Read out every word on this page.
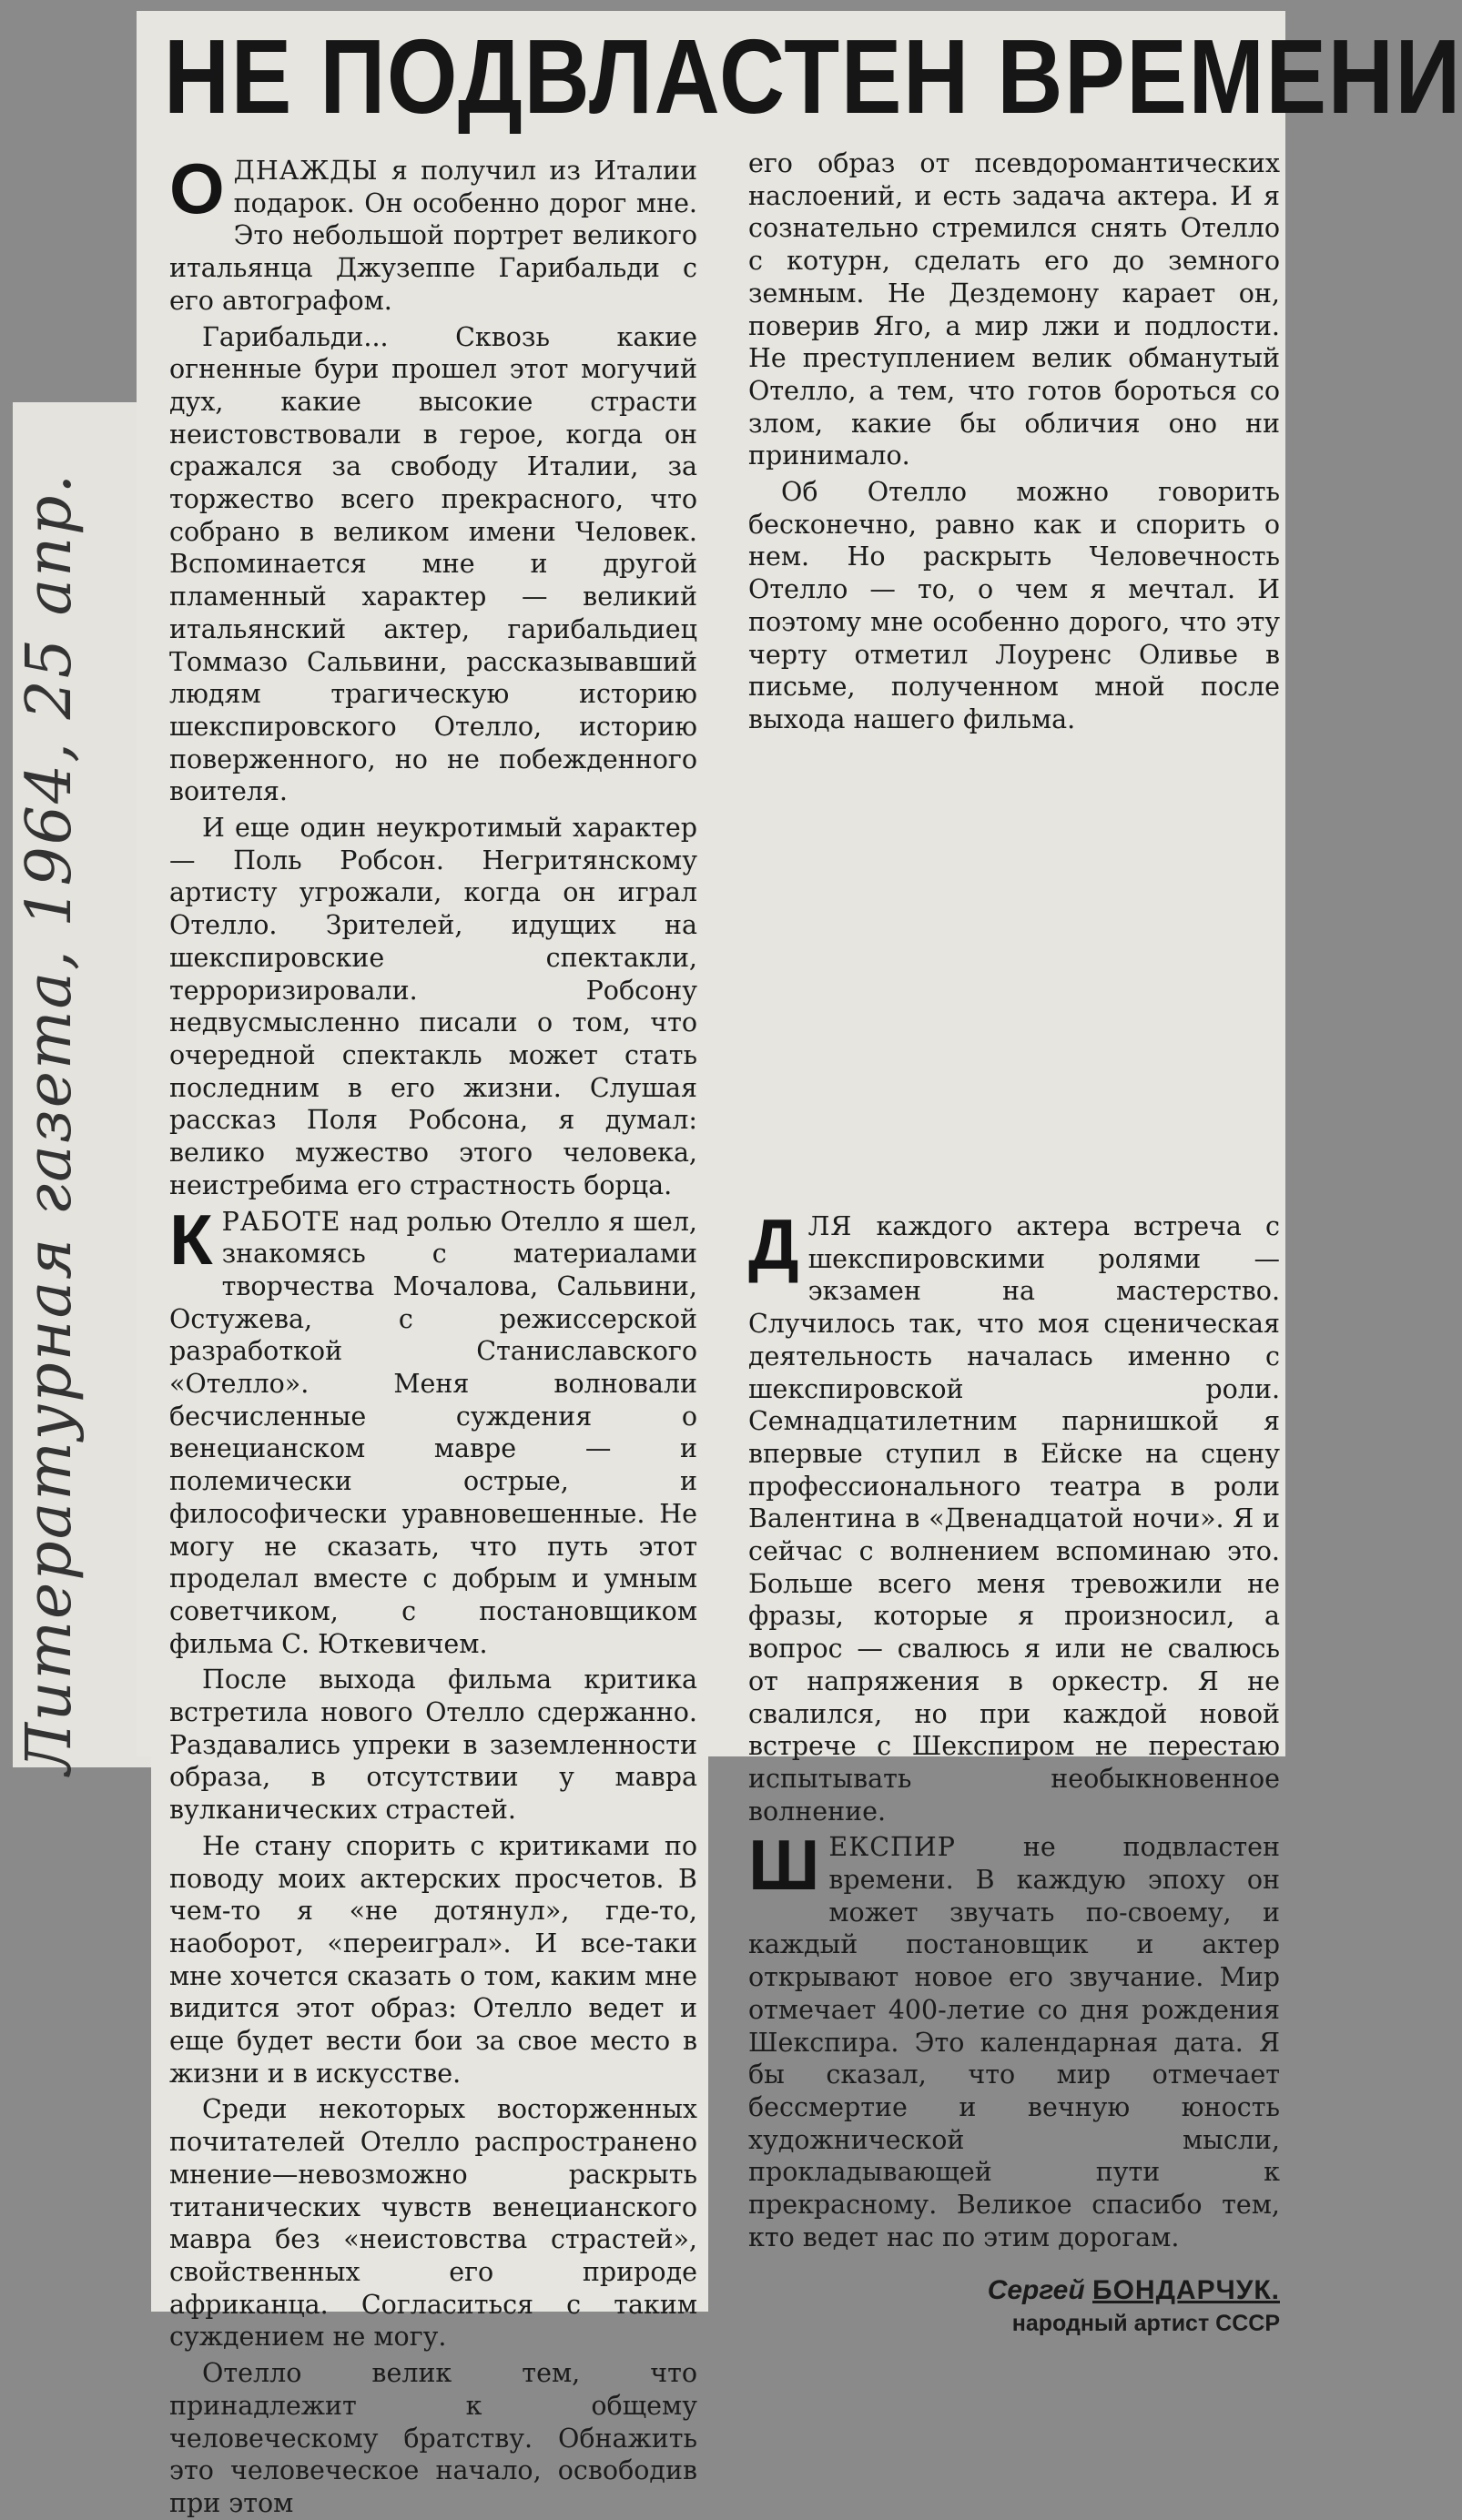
Литературная газета, 1964, 25 апр.
НЕ ПОДВЛАСТЕН ВРЕМЕНИ

ОДНАЖДЫ я получил из Италии подарок. Он особенно дорог мне. Это небольшой портрет великого итальянца Джузеппе Гарибальди с его автографом.

Гарибальди... Сквозь какие огненные бури прошел этот могучий дух, какие высокие страсти неистовствовали в герое, когда он сражался за свободу Италии, за торжество всего прекрасного, что собрано в великом имени Человек. Вспоминается мне и другой пламенный характер — великий итальянский актер, гарибальдиец Томмазо Сальвини, рассказывавший людям трагическую историю шекспировского Отелло, историю поверженного, но не побежденного воителя.

И еще один неукротимый характер — Поль Робсон. Негритянскому артисту угрожали, когда он играл Отелло. Зрителей, идущих на шекспировские спектакли, терроризировали. Робсону недвусмысленно писали о том, что очередной спектакль может стать последним в его жизни. Слушая рассказ Поля Робсона, я думал: велико мужество этого человека, неистребима его страстность борца.

КРАБОТЕ над ролью Отелло я шел, знакомясь с материалами творчества Мочалова, Сальвини, Остужева, с режиссерской разработкой Станиславского «Отелло». Меня волновали бесчисленные суждения о венецианском мавре — и полемически острые, и философически уравновешенные. Не могу не сказать, что путь этот проделал вместе с добрым и умным советчиком, с постановщиком фильма С. Юткевичем.

После выхода фильма критика встретила нового Отелло сдержанно. Раздавались упреки в заземленности образа, в отсутствии у мавра вулканических страстей.

Не стану спорить с критиками по поводу моих актерских просчетов. В чем-то я «не дотянул», где-то, наоборот, «переиграл». И все-таки мне хочется сказать о том, каким мне видится этот образ: Отелло ведет и еще будет вести бои за свое место в жизни и в искусстве.

Среди некоторых восторженных почитателей Отелло распространено мнение—невозможно раскрыть титанических чувств венецианского мавра без «неистовства страстей», свойственных его природе африканца. Согласиться с таким суждением не могу.

Отелло велик тем, что принадлежит к общему человеческому братству. Обнажить это человеческое начало, освободив при этом

его образ от псевдоромантических наслоений, и есть задача актера. И я сознательно стремился снять Отелло с котурн, сделать его до земного земным. Не Дездемону карает он, поверив Яго, а мир лжи и подлости. Не преступлением велик обманутый Отелло, а тем, что готов бороться со злом, какие бы обличия оно ни принимало.

Об Отелло можно говорить бесконечно, равно как и спорить о нем. Но раскрыть Человечность Отелло — то, о чем я мечтал. И поэтому мне особенно дорого, что эту черту отметил Лоуренс Оливье в письме, полученном мной после выхода нашего фильма.

ДЛЯ каждого актера встреча с шекспировскими ролями — экзамен на мастерство. Случилось так, что моя сценическая деятельность началась именно с шекспировской роли. Семнадцатилетним парнишкой я впервые ступил в Ейске на сцену профессионального театра в роли Валентина в «Двенадцатой ночи». Я и сейчас с волнением вспоминаю это. Больше всего меня тревожили не фразы, которые я произносил, а вопрос — свалюсь я или не свалюсь от напряжения в оркестр. Я не свалился, но при каждой новой встрече с Шекспиром не перестаю испытывать необыкновенное волнение.

ШЕКСПИР не подвластен времени. В каждую эпоху он может звучать по-своему, и каждый постановщик и актер открывают новое его звучание. Мир отмечает 400-летие со дня рождения Шекспира. Это календарная дата. Я бы сказал, что мир отмечает бессмертие и вечную юность художнической мысли, прокладывающей пути к прекрасному. Великое спасибо тем, кто ведет нас по этим дорогам.

Сергей БОНДАРЧУК.
народный артист СССР
